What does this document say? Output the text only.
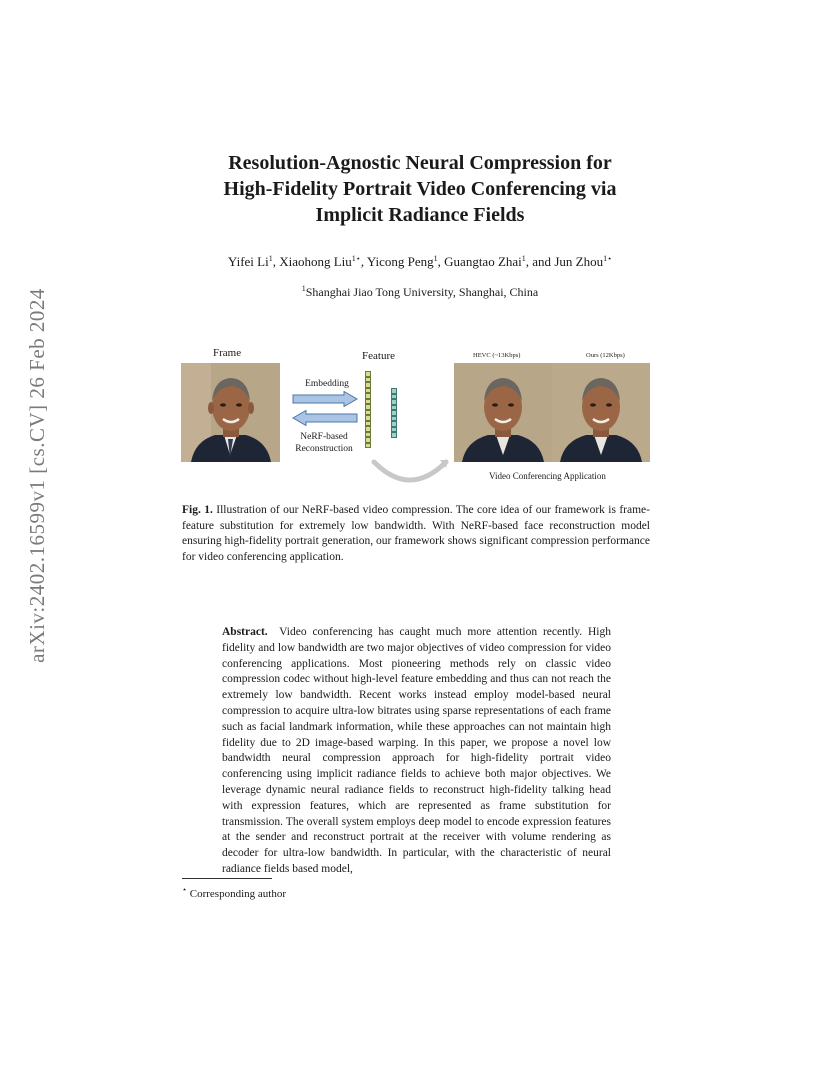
arXiv:2402.16599v1 [cs.CV] 26 Feb 2024
Resolution-Agnostic Neural Compression for
High-Fidelity Portrait Video Conferencing via
Implicit Radiance Fields
Yifei Li$^1$, Xiaohong Liu$^{1⋆}$, Yicong Peng$^1$, Guangtao Zhai$^1$, and Jun Zhou$^{1⋆}$
$^1$Shanghai Jiao Tong University, Shanghai, China
Frame	Feature	HEVC (~13Kbps)	Ours (12Kbps)
Embedding
NeRF-based
Reconstruction
Video Conferencing Application
Fig. 1. Illustration of our NeRF-based video compression. The core idea of our framework is frame-feature substitution for extremely low bandwidth. With NeRF-based face reconstruction model ensuring high-fidelity portrait generation, our framework shows significant compression performance for video conferencing application.
Abstract. Video conferencing has caught much more attention recently. High fidelity and low bandwidth are two major objectives of video compression for video conferencing applications. Most pioneering methods rely on classic video compression codec without high-level feature embedding and thus can not reach the extremely low bandwidth. Recent works instead employ model-based neural compression to acquire ultra-low bitrates using sparse representations of each frame such as facial landmark information, while these approaches can not maintain high fidelity due to 2D image-based warping. In this paper, we propose a novel low bandwidth neural compression approach for high-fidelity portrait video conferencing using implicit radiance fields to achieve both major objectives. We leverage dynamic neural radiance fields to reconstruct high-fidelity talking head with expression features, which are represented as frame substitution for transmission. The overall system employs deep model to encode expression features at the sender and reconstruct portrait at the receiver with volume rendering as decoder for ultra-low bandwidth. In particular, with the characteristic of neural radiance fields based model,
⋆ Corresponding author
